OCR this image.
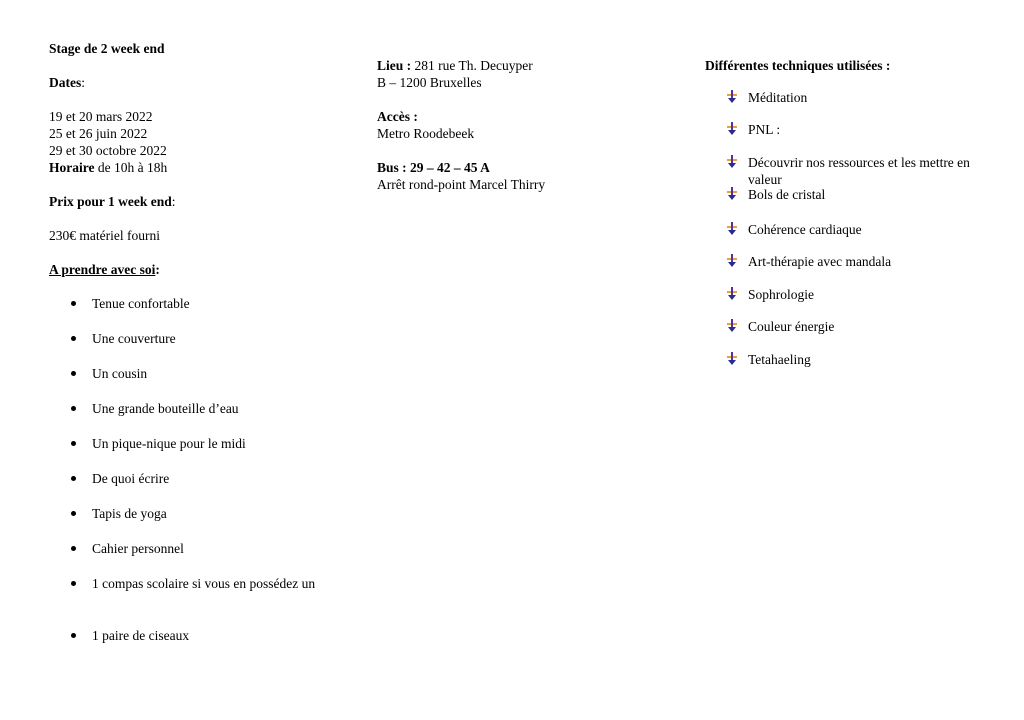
Stage de 2 week end
Dates:
19 et 20 mars 2022
25 et 26 juin 2022
29 et 30 octobre 2022
Horaire de 10h à 18h
Prix pour 1 week end:
230€ matériel fourni
A prendre avec soi:
Tenue confortable
Une couverture
Un cousin
Une grande bouteille d’eau
Un pique-nique pour le midi
De quoi écrire
Tapis de yoga
Cahier personnel
1 compas scolaire si vous en possédez un
1 paire de ciseaux
Lieu : 281 rue Th. Decuyper
B – 1200 Bruxelles
Accès :
Metro Roodebeek
Bus : 29 – 42 – 45 A
Arrêt rond-point Marcel Thirry
Différentes techniques utilisées :
Méditation
PNL :
Découvrir nos ressources et les mettre en valeur
Bols de cristal
Cohérence cardiaque
Art-thérapie avec mandala
Sophrologie
Couleur énergie
Tetahaeling
